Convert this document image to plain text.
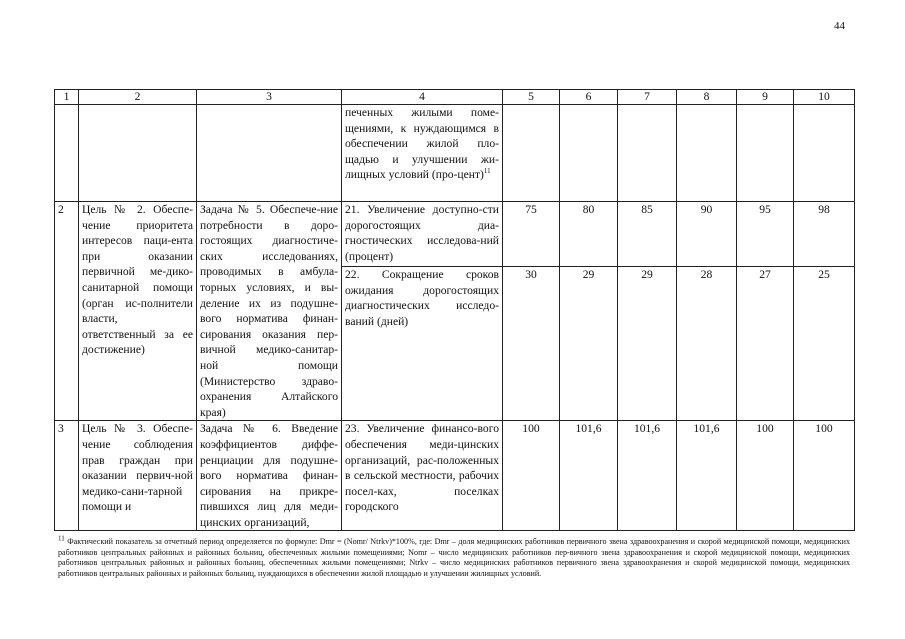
44
1	2	3	4	5	6	7	8	9	10
			печенных жилыми поме-щениями, к нуждающимся в обеспечении жилой пло-щадью и улучшении жи-лищных условий (про-цент)$^{11}$						
2	Цель № 2. Обеспе-чение приоритета интересов паци-ента при оказании первичной ме-дико-санитарной помощи (орган ис-полнители власти, ответственный за ее достижение)	Задача № 5. Обеспече-ние потребности в доро-гостоящих диагностиче-ских исследованиях, проводимых в амбула-торных условиях, и вы-деление их из подушне-вого норматива финан-сирования оказания пер-вичной медико-санитар-ной помощи (Министерство здраво-охранения Алтайского края)	21. Увеличение доступно-сти дорогостоящих диа-гностических исследова-ний (процент)	75	80	85	90	95	98
			22. Сокращение сроков ожидания дорогостоящих диагностических исследо-ваний (дней)	30	29	29	28	27	25
3	Цель № 3. Обеспе-чение соблюдения прав граждан при оказании первич-ной медико-сани-тарной помощи и	Задача № 6. Введение коэффициентов диффе-ренциации для подушне-вого норматива финан-сирования на прикре-пившихся лиц для меди-цинских организаций,	23. Увеличение финансо-вого обеспечения меди-цинских организаций, рас-положенных в сельской местности, рабочих посел-ках, поселках городского	100	101,6	101,6	101,6	100	100
$^{11}$ Фактический показатель за отчетный период определяется по формуле: Dmr = (Nomr/ Ntrkv)*100%, где: Dmr – доля медицинских работников первичного звена здравоохранения и скорой медицинской помощи, медицинских работников центральных районных и районных больниц, обеспеченных жилыми помещениями; Nomr – число медицинских работников пер-вичного звена здравоохранения и скорой медицинской помощи, медицинских работников центральных районных и районных больниц, обеспеченных жилыми помещениями; Ntrkv – число медицинских работников первичного звена здравоохранения и скорой медицинской помощи, медицинских работников центральных районных и районных больниц, нуждающихся в обеспечении жилой площадью и улучшении жилищных условий.
